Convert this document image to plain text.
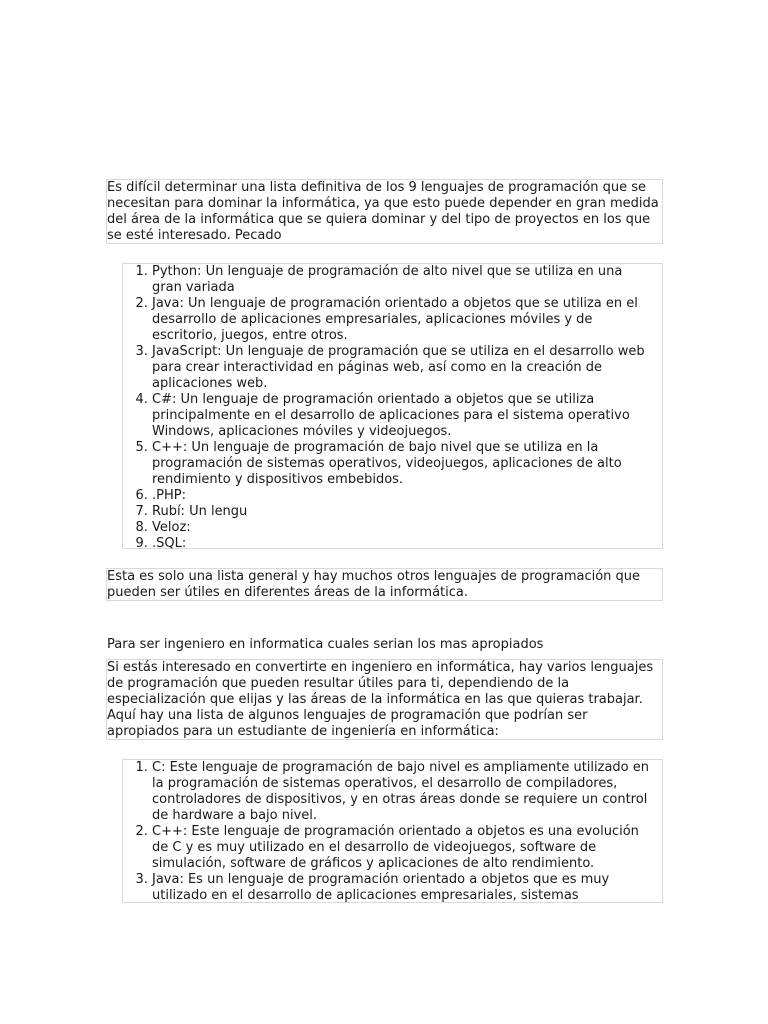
Es difícil determinar una lista definitiva de los 9 lenguajes de programación que se necesitan para dominar la informática, ya que esto puede depender en gran medida del área de la informática que se quiera dominar y del tipo de proyectos en los que se esté interesado. Pecado

1. Python: Un lenguaje de programación de alto nivel que se utiliza en una gran variada
2. Java: Un lenguaje de programación orientado a objetos que se utiliza en el desarrollo de aplicaciones empresariales, aplicaciones móviles y de escritorio, juegos, entre otros.
3. JavaScript: Un lenguaje de programación que se utiliza en el desarrollo web para crear interactividad en páginas web, así como en la creación de aplicaciones web.
4. C#: Un lenguaje de programación orientado a objetos que se utiliza principalmente en el desarrollo de aplicaciones para el sistema operativo Windows, aplicaciones móviles y videojuegos.
5. C++: Un lenguaje de programación de bajo nivel que se utiliza en la programación de sistemas operativos, videojuegos, aplicaciones de alto rendimiento y dispositivos embebidos.
6. .PHP:
7. Rubí: Un lengu
8. Veloz:
9. .SQL:

Esta es solo una lista general y hay muchos otros lenguajes de programación que pueden ser útiles en diferentes áreas de la informática.

Para ser ingeniero en informatica cuales serian los mas apropiados

Si estás interesado en convertirte en ingeniero en informática, hay varios lenguajes de programación que pueden resultar útiles para ti, dependiendo de la especialización que elijas y las áreas de la informática en las que quieras trabajar. Aquí hay una lista de algunos lenguajes de programación que podrían ser apropiados para un estudiante de ingeniería en informática:

1. C: Este lenguaje de programación de bajo nivel es ampliamente utilizado en la programación de sistemas operativos, el desarrollo de compiladores, controladores de dispositivos, y en otras áreas donde se requiere un control de hardware a bajo nivel.
2. C++: Este lenguaje de programación orientado a objetos es una evolución de C y es muy utilizado en el desarrollo de videojuegos, software de simulación, software de gráficos y aplicaciones de alto rendimiento.
3. Java: Es un lenguaje de programación orientado a objetos que es muy utilizado en el desarrollo de aplicaciones empresariales, sistemas
